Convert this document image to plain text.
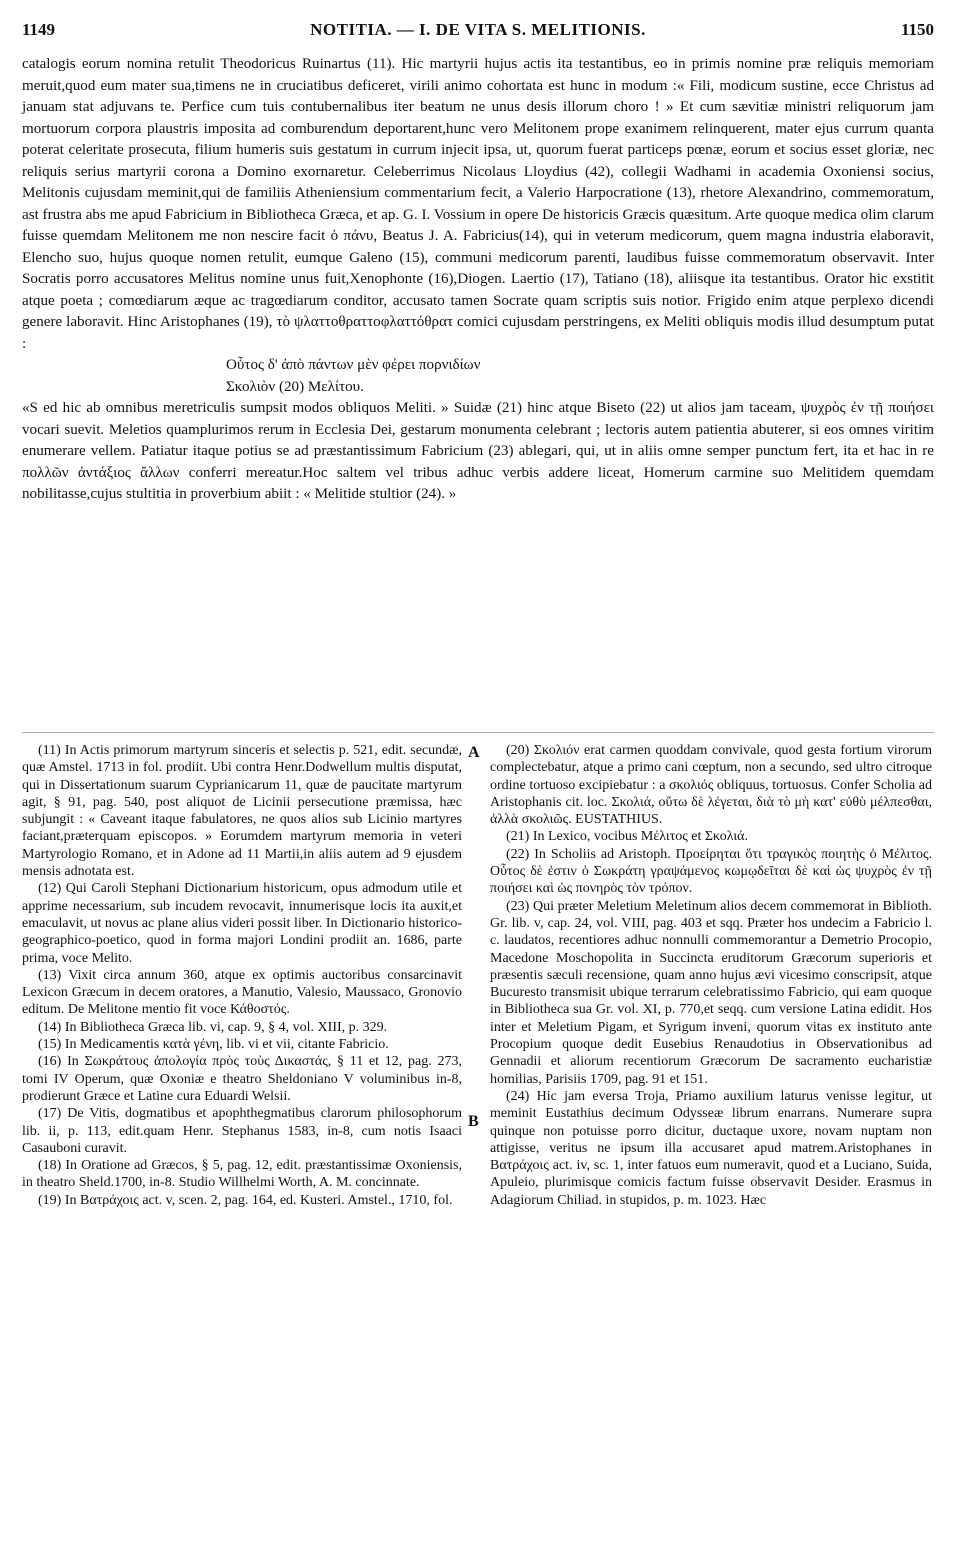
1149	NOTITIA. — I. DE VITA S. MELITIONIS.	1150

catalogis eorum nomina retulit Theodoricus Ruinartus (11). Hic martyrii hujus actis ita testantibus, eo in primis nomine præ reliquis memoriam meruit,quod eum mater sua,timens ne in cruciatibus deficeret, virili animo cohortata est hunc in modum :« Fili, modicum sustine, ecce Christus ad januam stat adjuvans te. Perfice cum tuis contubernalibus iter beatum ne unus desis illorum choro ! » Et cum sævitiæ ministri reliquorum jam mortuorum corpora plaustris imposita ad comburendum deportarent,hunc vero Melitonem prope exanimem relinquerent, mater ejus currum quanta poterat celeritate prosecuta, filium humeris suis gestatum in currum injecit ipsa, ut, quorum fuerat particeps pœnæ, eorum et socius esset gloriæ, nec reliquis serius martyrii corona a Domino exornaretur. Celeberrimus Nicolaus Lloydius (42), collegii Wadhami in academia Oxoniensi socius, Melitonis cujusdam meminit,qui de familiis Atheniensium commentarium fecit, a Valerio Harpocratione (13), rhetore Alexandrino, commemoratum, ast frustra abs me apud Fabricium in Bibliotheca Græca, et ap. G. I. Vossium in opere De historicis Græcis quæsitum. Arte quoque medica olim clarum fuisse quemdam Melitonem me non nescire facit ὁ πάνυ, Beatus J. A. Fabricius(14), qui in veterum medicorum, quem magna industria elaboravit, Elencho suo, hujus quoque nomen retulit, eumque Galeno (15), communi medicorum parenti, laudibus fuisse commemoratum observavit. Inter Socratis porro accusatores Melitus nomine unus fuit,Xenophonte (16),Diogen. Laertio (17), Tatiano (18), aliisque ita testantibus. Orator hic exstitit atque poeta ; comœdiarum æque ac tragœdiarum conditor, accusato tamen Socrate quam scriptis suis notior. Frigido enim atque perplexo dicendi genere laboravit. Hinc Aristophanes (19), τὸ ψλαττοθραττοφλαττόθρατ comici cujusdam perstringens, ex Meliti obliquis modis illud desumptum putat :

Οὗτος δ' ἀπὸ πάντων μὲν φέρει πορνιδίων

Σκολιὸν (20) Μελίτου.

«S ed hic ab omnibus meretriculis sumpsit modos obliquos Meliti. » Suidæ (21) hinc atque Biseto (22) ut alios jam taceam, ψυχρὸς ἐν τῇ ποιήσει vocari suevit. Meletios quamplurimos rerum in Ecclesia Dei, gestarum monumenta celebrant ; lectoris autem patientia abuterer, si eos omnes viritim enumerare vellem. Patiatur itaque potius se ad præstantissimum Fabricium (23) ablegari, qui, ut in aliis omne semper punctum fert, ita et hac in re πολλῶν ἀντάξιος ἄλλων conferri mereatur.Hoc saltem vel tribus adhuc verbis addere liceat, Homerum carmine suo Melitidem quemdam nobilitasse,cujus stultitia in proverbium abiit : « Melitide stultior (24). »

(11) In Actis primorum martyrum sinceris et selectis p. 521, edit. secundæ, quæ Amstel. 1713 in fol. prodiit. Ubi contra Henr.Dodwellum multis disputat, qui in Dissertationum suarum Cyprianicarum 11, quæ de paucitate martyrum agit, § 91, pag. 540, post aliquot de Licinii persecutione præmissa, hæc subjungit : « Caveant itaque fabulatores, ne quos alios sub Licinio martyres faciant,præterquam episcopos. » Eorumdem martyrum memoria in veteri Martyrologio Romano, et in Adone ad 11 Martii,in aliis autem ad 9 ejusdem mensis adnotata est.

(12) Qui Caroli Stephani Dictionarium historicum, opus admodum utile et apprime necessarium, sub incudem revocavit, innumerisque locis ita auxit,et emaculavit, ut novus ac plane alius videri possit liber. In Dictionario historico-geographico-poetico, quod in forma majori Londini prodiit an. 1686, parte prima, voce Melito.

(13) Vixit circa annum 360, atque ex optimis auctoribus consarcinavit Lexicon Græcum in decem oratores, a Manutio, Valesio, Maussaco, Gronovio editum. De Melitone mentio fit voce Κάθοστός.

(14) In Bibliotheca Græca lib. vi, cap. 9, § 4, vol. XIII, p. 329.

(15) In Medicamentis κατὰ γένη, lib. vi et vii, citante Fabricio.

(16) In Σωκράτους ἀπολογία πρὸς τοὺς Δικαστάς, § 11 et 12, pag. 273, tomi IV Operum, quæ Oxoniæ e theatro Sheldoniano V voluminibus in-8, prodierunt Græce et Latine cura Eduardi Welsii.

(17) De Vitis, dogmatibus et apophthegmatibus clarorum philosophorum lib. ii, p. 113, edit.quam Henr. Stephanus 1583, in-8, cum notis Isaaci Casauboni curavit.

(18) In Oratione ad Græcos, § 5, pag. 12, edit. præstantissimæ Oxoniensis, in theatro Sheld.1700, in-8. Studio Willhelmi Worth, A. M. concinnate.

(19) In Βατράχοις act. v, scen. 2, pag. 164, ed. Kusteri. Amstel., 1710, fol.

A
B

(20) Σκολιόν erat carmen quoddam convivale, quod gesta fortium virorum complectebatur, atque a primo cani cœptum, non a secundo, sed ultro citroque ordine tortuoso excipiebatur : a σκολιός obliquus, tortuosus. Confer Scholia ad Aristophanis cit. loc. Σκολιά, οὕτω δὲ λέγεται, διὰ τὸ μὴ κατ' εὐθὺ μέλπεσθαι, ἀλλὰ σκολιῶς. EUSTATHIUS.

(21) In Lexico, vocibus Μέλιτος et Σκολιά.

(22) In Scholiis ad Aristoph. Προείρηται ὅτι τραγικὸς ποιητὴς ὁ Μέλιτος. Οὗτος δὲ ἐστιν ὁ Σωκράτη γραψάμενος κωμῳδεῖται δὲ καὶ ὡς ψυχρὸς ἐν τῇ ποιήσει καὶ ὡς πονηρὸς τὸν τρόπον.

(23) Qui præter Meletium Meletinum alios decem commemorat in Biblioth. Gr. lib. v, cap. 24, vol. VIII, pag. 403 et sqq. Præter hos undecim a Fabricio l. c. laudatos, recentiores adhuc nonnulli commemorantur a Demetrio Procopio, Macedone Moschopolita in Succincta eruditorum Græcorum superioris et præsentis sæculi recensione, quam anno hujus ævi vicesimo conscripsit, atque Bucuresto transmisit ubique terrarum celebratissimo Fabricio, qui eam quoque in Bibliotheca sua Gr. vol. XI, p. 770,et seqq. cum versione Latina edidit. Hos inter et Meletium Pigam, et Syrigum inveni, quorum vitas ex instituto ante Procopium quoque dedit Eusebius Renaudotius in Observationibus ad Gennadii et aliorum recentiorum Græcorum De sacramento eucharistiæ homilias, Parisiis 1709, pag. 91 et 151.

(24) Hic jam eversa Troja, Priamo auxilium laturus venisse legitur, ut meminit Eustathius decimum Odysseæ librum enarrans. Numerare supra quinque non potuisse porro dicitur, ductaque uxore, novam nuptam non attigisse, veritus ne ipsum illa accusaret apud matrem.Aristophanes in Βατράχοις act. iv, sc. 1, inter fatuos eum numeravit, quod et a Luciano, Suida, Apuleio, plurimisque comicis factum fuisse observavit Desider. Erasmus in Adagiorum Chiliad. in stupidos, p. m. 1023. Hæc
